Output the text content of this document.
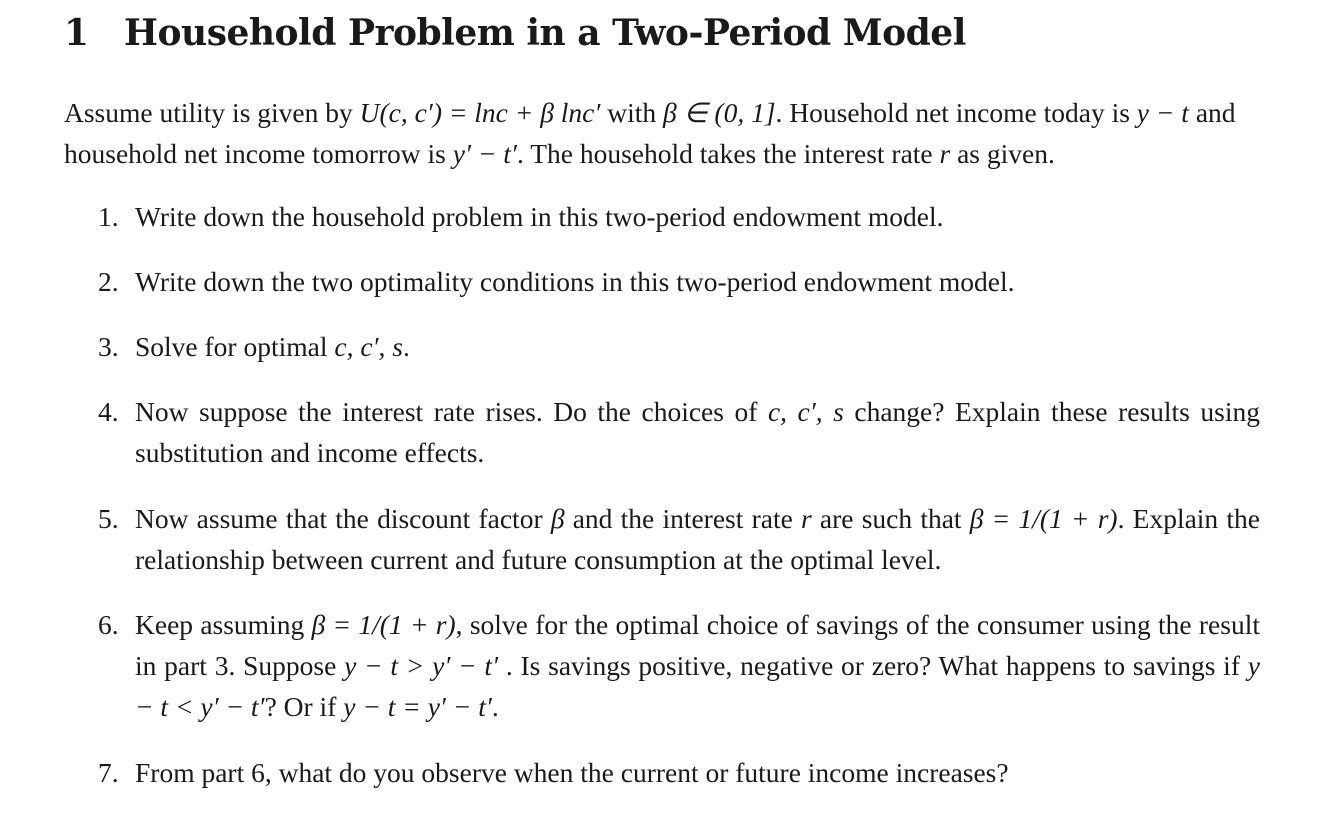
1 Household Problem in a Two-Period Model

Assume utility is given by U(c, c′) = lnc + β lnc′ with β ∈ (0, 1]. Household net income today is y − t and household net income tomorrow is y′ − t′. The household takes the interest rate r as given.

1. Write down the household problem in this two-period endowment model.
2. Write down the two optimality conditions in this two-period endowment model.
3. Solve for optimal c, c′, s.
4. Now suppose the interest rate rises. Do the choices of c, c′, s change? Explain these results using substitution and income effects.
5. Now assume that the discount factor β and the interest rate r are such that β = 1/(1 + r). Explain the relationship between current and future consumption at the optimal level.
6. Keep assuming β = 1/(1 + r), solve for the optimal choice of savings of the consumer using the result in part 3. Suppose y − t > y′ − t′ . Is savings positive, negative or zero? What happens to savings if y − t < y′ − t′? Or if y − t = y′ − t′.
7. From part 6, what do you observe when the current or future income increases?
